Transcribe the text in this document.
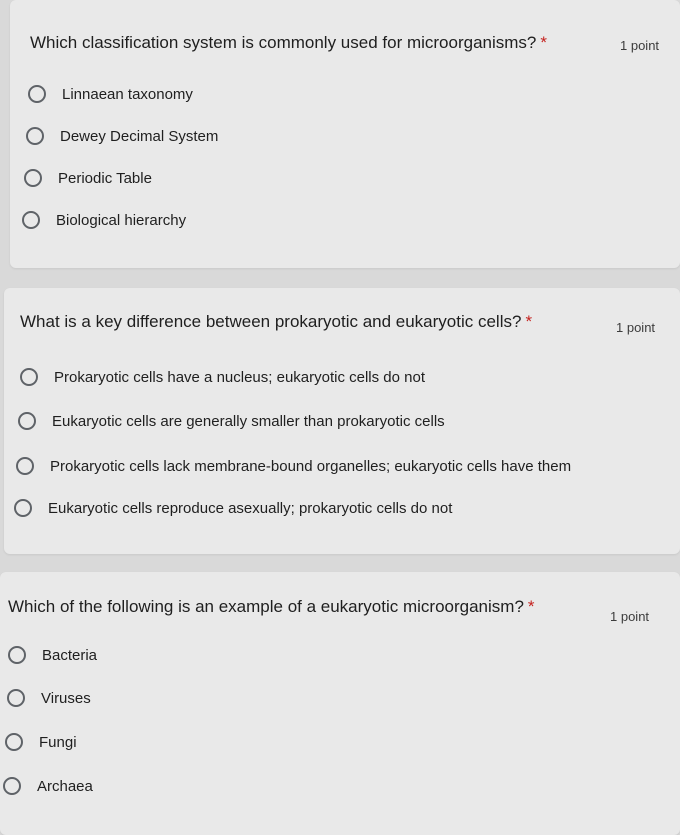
Which classification system is commonly used for microorganisms? *	1 point
Linnaean taxonomy
Dewey Decimal System
Periodic Table
Biological hierarchy
What is a key difference between prokaryotic and eukaryotic cells? *	1 point
Prokaryotic cells have a nucleus; eukaryotic cells do not
Eukaryotic cells are generally smaller than prokaryotic cells
Prokaryotic cells lack membrane-bound organelles; eukaryotic cells have them
Eukaryotic cells reproduce asexually; prokaryotic cells do not
Which of the following is an example of a eukaryotic microorganism? *
1 point
Bacteria
Viruses
Fungi
Archaea
